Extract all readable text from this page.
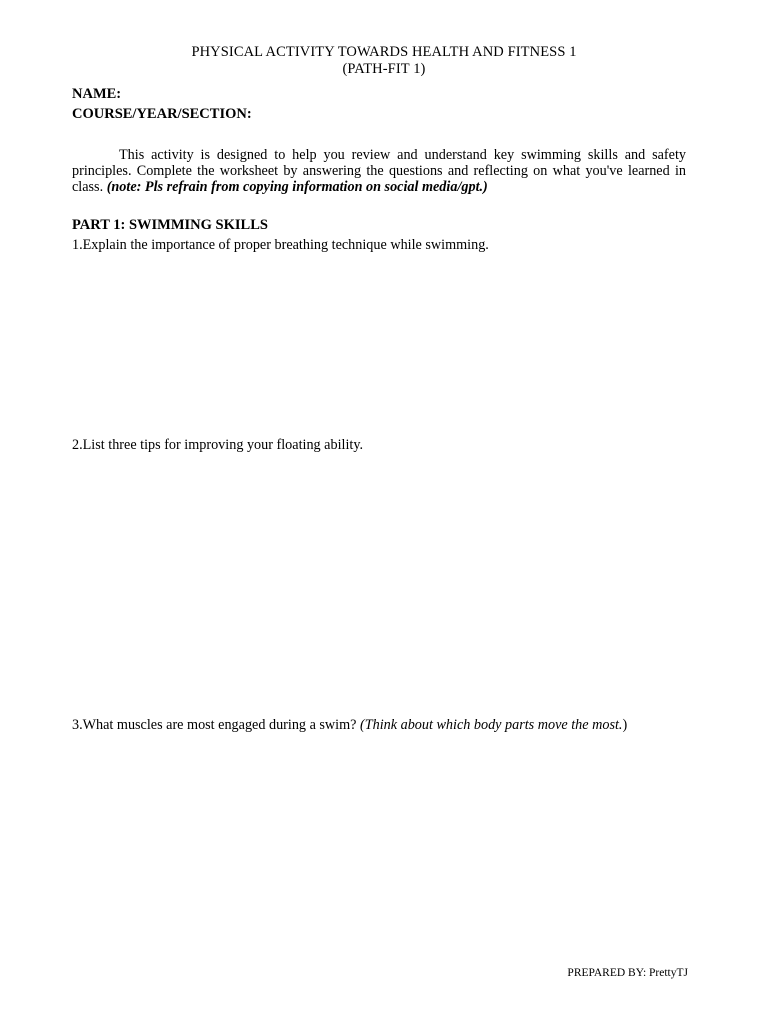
PHYSICAL ACTIVITY TOWARDS HEALTH AND FITNESS 1
(PATH-FIT 1)
NAME:
COURSE/YEAR/SECTION:
This activity is designed to help you review and understand key swimming skills and safety principles. Complete the worksheet by answering the questions and reflecting on what you've learned in class. (note: Pls refrain from copying information on social media/gpt.)
PART 1: SWIMMING SKILLS
1.Explain the importance of proper breathing technique while swimming.
2.List three tips for improving your floating ability.
3.What muscles are most engaged during a swim? (Think about which body parts move the most.)
PREPARED BY: PrettyTJ
